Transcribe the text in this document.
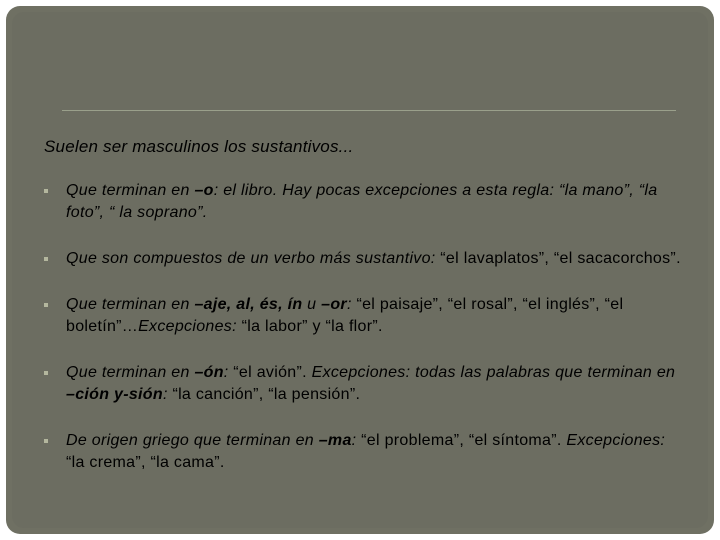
Suelen ser masculinos los sustantivos...
Que terminan en –o: el libro. Hay pocas excepciones a esta regla: “la mano”, “la foto”, “ la soprano”.
Que son compuestos de un verbo más sustantivo: “el lavaplatos”, “el sacacorchos”.
Que terminan en –aje, al, és, ín u –or: “el paisaje”, “el rosal”, “el inglés”, “el boletín”…Excepciones: “la labor” y “la flor”.
Que terminan en –ón: “el avión”. Excepciones: todas las palabras que terminan en –ción y-sión: “la canción”, “la pensión”.
De origen griego que terminan en –ma: “el problema”, “el síntoma”. Excepciones: “la crema”, “la cama”.
